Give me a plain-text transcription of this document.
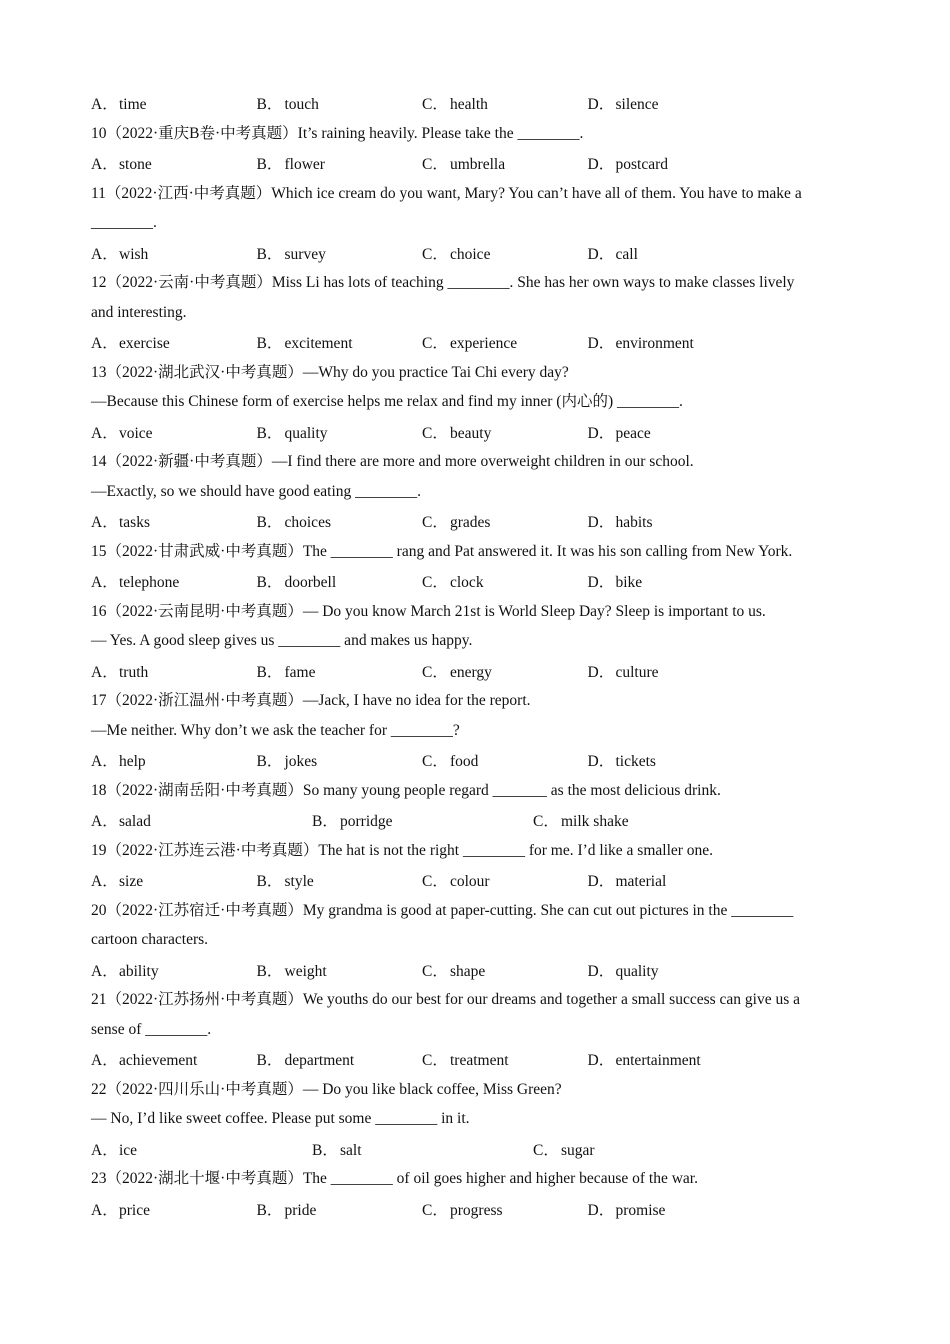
A．time	B． touch	C． health	D．silence
10（2022·重庆B卷·中考真题）It’s raining heavily. Please take the ________.
A．stone	B． flower	C． umbrella	D．postcard
11（2022·江西·中考真题）Which ice cream do you want, Mary? You can’t have all of them. You have to make a
________.
A．wish	B． survey	C． choice	D．call
12（2022·云南·中考真题）Miss Li has lots of teaching ________. She has her own ways to make classes lively
and interesting.
A．exercise	B． excitement	C． experience	D．environment
13（2022·湖北武汉·中考真题）—Why do you practice Tai Chi every day?
—Because this Chinese form of exercise helps me relax and find my inner (内心的) ________.
A．voice	B． quality	C． beauty	D．peace
14（2022·新疆·中考真题）—I find there are more and more overweight children in our school.
—Exactly, so we should have good eating ________.
A．tasks	B． choices	C． grades	D．habits
15（2022·甘肃武威·中考真题）The ________ rang and Pat answered it. It was his son calling from New York.
A．telephone	B． doorbell	C． clock	D．bike
16（2022·云南昆明·中考真题）— Do you know March 21st is World Sleep Day? Sleep is important to us.
— Yes. A good sleep gives us ________ and makes us happy.
A．truth	B． fame	C． energy	D．culture
17（2022·浙江温州·中考真题）—Jack, I have no idea for the report.
—Me neither. Why don’t we ask the teacher for ________?
A．help	B． jokes	C． food	D．tickets
18（2022·湖南岳阳·中考真题）So many young people regard _______ as the most delicious drink.
A．salad	B． porridge	C． milk shake
19（2022·江苏连云港·中考真题）The hat is not the right ________ for me. I’d like a smaller one.
A．size	B． style	C． colour	D．material
20（2022·江苏宿迁·中考真题）My grandma is good at paper-cutting. She can cut out pictures in the ________
cartoon characters.
A．ability	B． weight	C． shape	D．quality
21（2022·江苏扬州·中考真题）We youths do our best for our dreams and together a small success can give us a
sense of ________.
A．achievement	B． department	C． treatment	D．entertainment
22（2022·四川乐山·中考真题）— Do you like black coffee, Miss Green?
— No, I’d like sweet coffee. Please put some ________ in it.
A．ice	B． salt	C． sugar
23（2022·湖北十堰·中考真题）The ________ of oil goes higher and higher because of the war.
A．price	B． pride	C． progress	D．promise
